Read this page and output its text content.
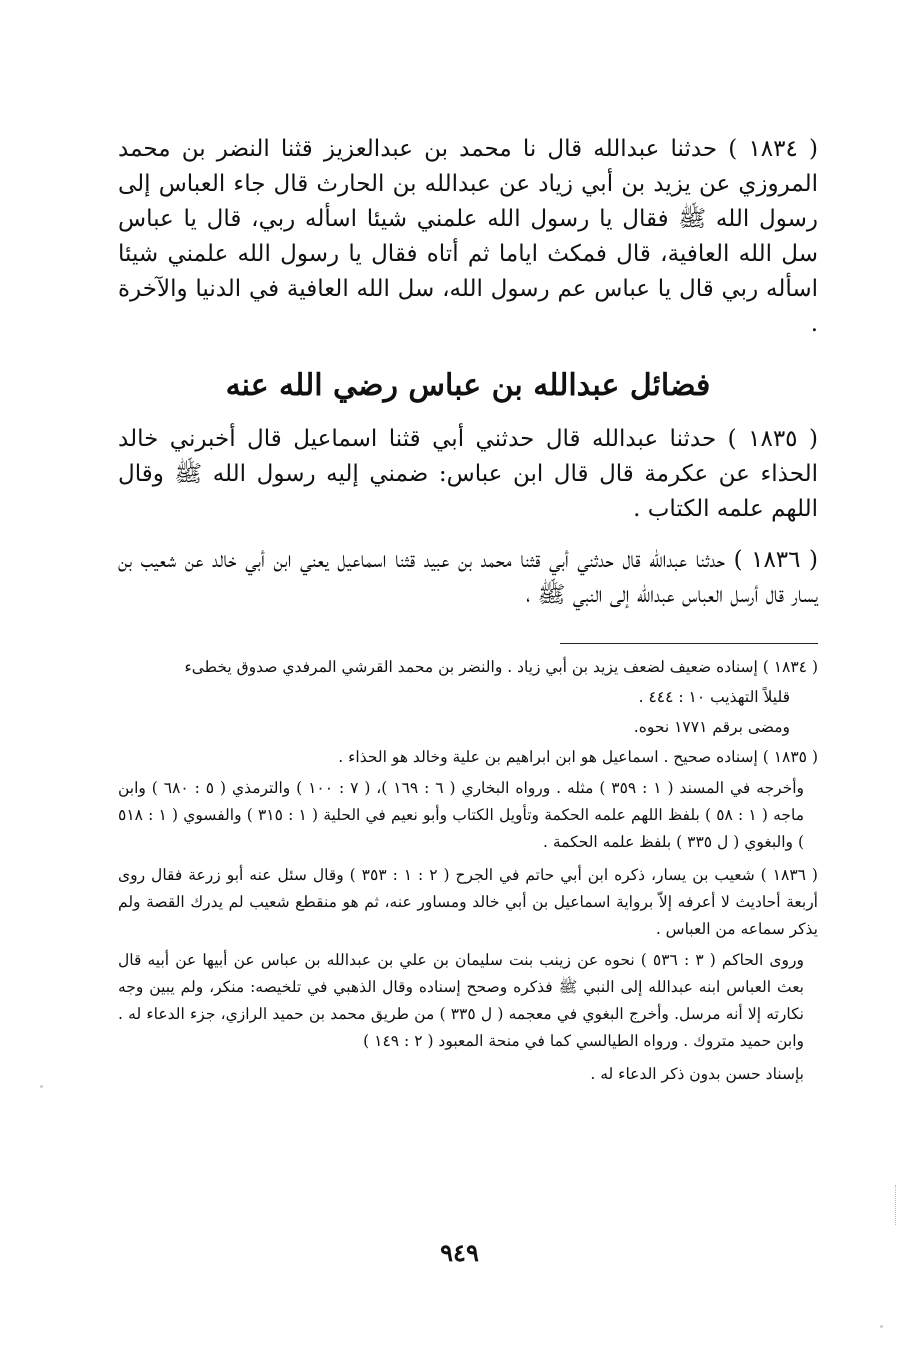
( ١٨٣٤ ) حدثنا عبدالله قال نا محمد بن عبدالعزيز قثنا النضر بن محمد المروزي عن يزيد بن أبي زياد عن عبدالله بن الحارث قال جاء العباس إلى رسول الله ﷺ فقال يا رسول الله علمني شيئا اسأله ربي، قال يا عباس سل الله العافية، قال فمكث اياما ثم أتاه فقال يا رسول الله علمني شيئا اسأله ربي قال يا عباس عم رسول الله، سل الله العافية في الدنيا والآخرة .

فضائل عبدالله بن عباس رضي الله عنه

( ١٨٣٥ ) حدثنا عبدالله قال حدثني أبي قثنا اسماعيل قال أخبرني خالد الحذاء عن عكرمة قال قال ابن عباس: ضمني إليه رسول الله ﷺ وقال اللهم علمه الكتاب .

( ١٨٣٦ ) حدثنا عبدالله قال حدثني أبي قثنا محمد بن عبيد قثنا اسماعيل يعني ابن أبي خالد عن شعيب بن يسار قال أرسل العباس عبدالله إلى النبي ﷺ ،

( ١٨٣٤ ) إسناده ضعيف لضعف يزيد بن أبي زياد . والنضر بن محمد القرشي المرفدي صدوق يخطىء

قليلاً التهذيب ١٠ : ٤٤٤ .

ومضى برقم ١٧٧١ نحوه.

( ١٨٣٥ ) إسناده صحيح . اسماعيل هو ابن ابراهيم بن علية وخالد هو الحذاء .

وأخرجه في المسند ( ١ : ٣٥٩ ) مثله . ورواه البخاري ( ٦ : ١٦٩ )، ( ٧ : ١٠٠ ) والترمذي ( ٥ : ٦٨٠ ) وابن ماجه ( ١ : ٥٨ ) بلفظ اللهم علمه الحكمة وتأويل الكتاب وأبو نعيم في الحلية ( ١ : ٣١٥ ) والفسوي ( ١ : ٥١٨ ) والبغوي ( ل ٣٣٥ ) بلفظ علمه الحكمة .

( ١٨٣٦ ) شعيب بن يسار، ذكره ابن أبي حاتم في الجرح ( ٢ : ١ : ٣٥٣ ) وقال سئل عنه أبو زرعة فقال روى أربعة أحاديث لا أعرفه إلاّ برواية اسماعيل بن أبي خالد ومساور عنه، ثم هو منقطع شعيب لم يدرك القصة ولم يذكر سماعه من العباس .

وروى الحاكم ( ٣ : ٥٣٦ ) نحوه عن زينب بنت سليمان بن علي بن عبدالله بن عباس عن أبيها عن أبيه قال بعث العباس ابنه عبدالله إلى النبي ﷺ فذكره وصحح إسناده وقال الذهبي في تلخيصه: منكر، ولم يبين وجه نكارته إلا أنه مرسل. وأخرج البغوي في معجمه ( ل ٣٣٥ ) من طريق محمد بن حميد الرازي، جزء الدعاء له . وابن حميد متروك . ورواه الطيالسي كما في منحة المعبود ( ٢ : ١٤٩ )

بإسناد حسن بدون ذكر الدعاء له .

٩٤٩
